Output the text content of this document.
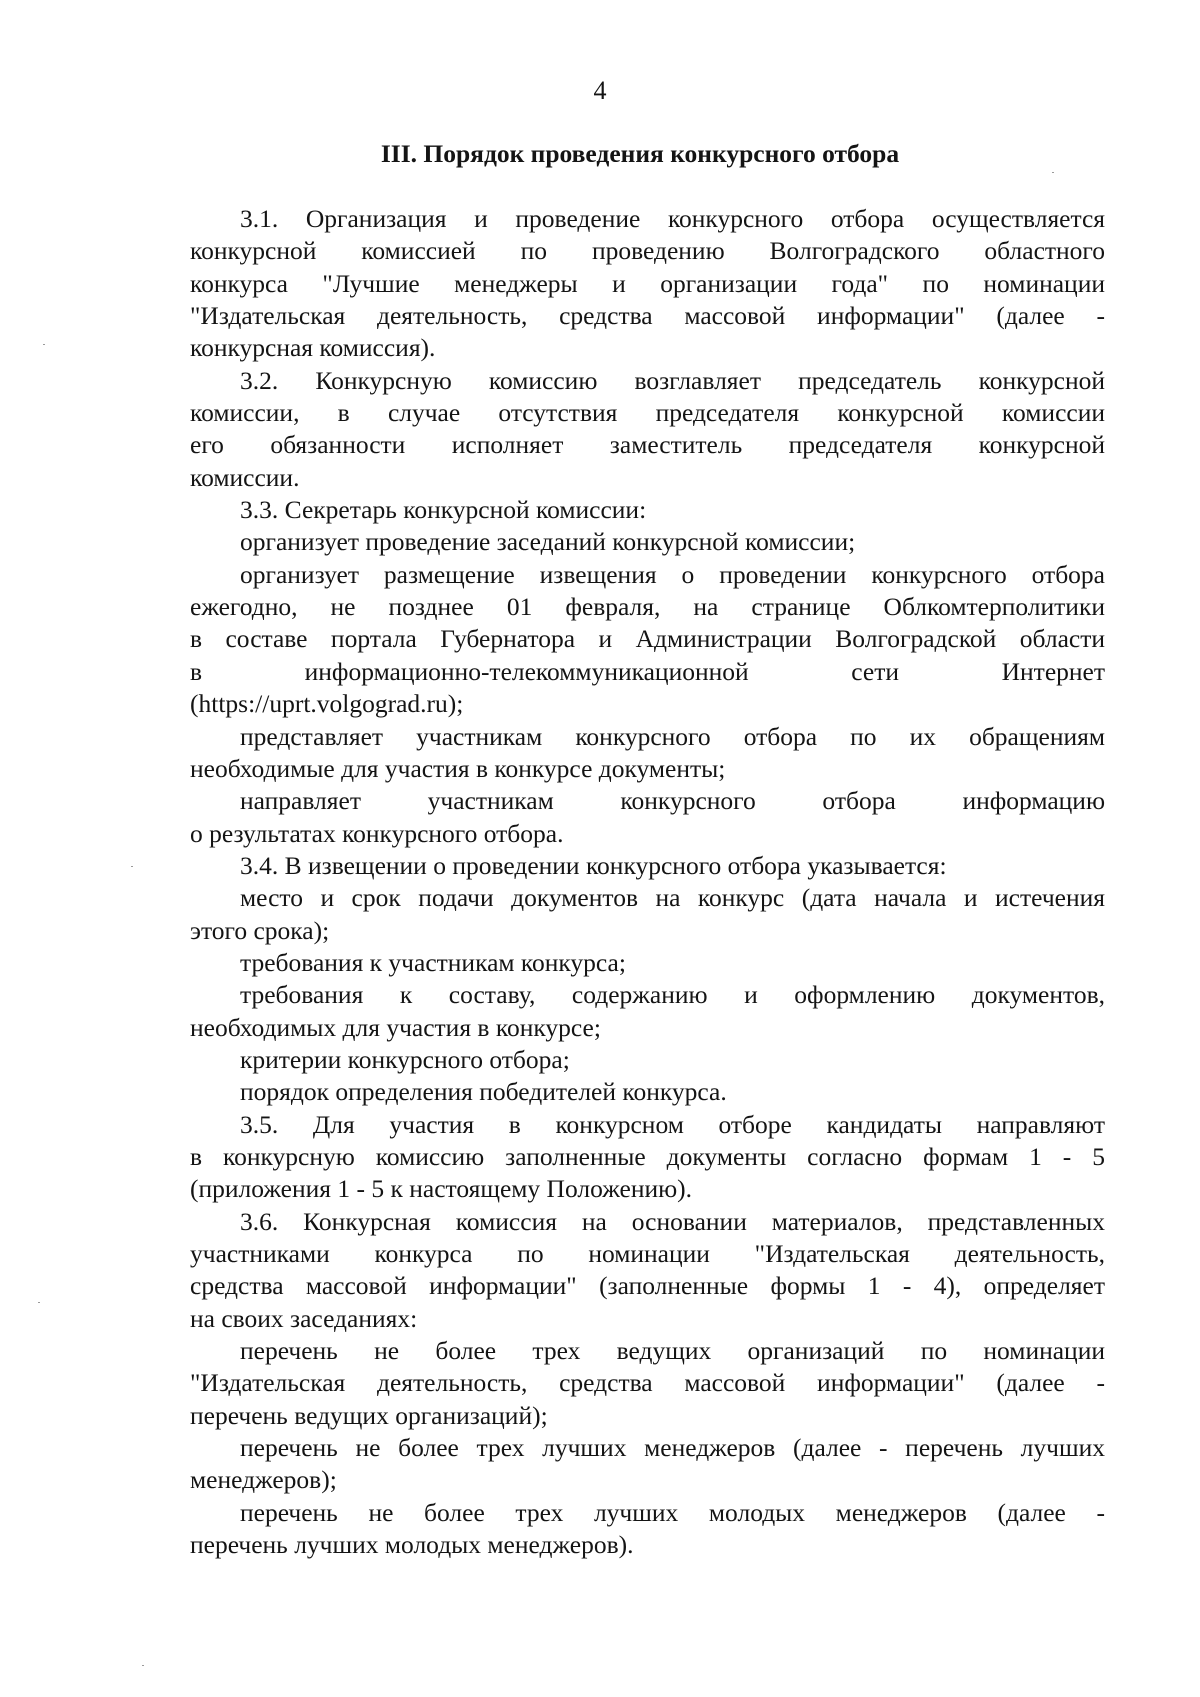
4
III. Порядок проведения конкурсного отбора

3.1. Организация и проведение конкурсного отбора осуществляется
конкурсной комиссией по проведению Волгоградского областного
конкурса "Лучшие менеджеры и организации года" по номинации
"Издательская деятельность, средства массовой информации" (далее -
конкурсная комиссия).

3.2. Конкурсную комиссию возглавляет председатель конкурсной
комиссии, в случае отсутствия председателя конкурсной комиссии
его обязанности исполняет заместитель председателя конкурсной
комиссии.

3.3. Секретарь конкурсной комиссии:

организует проведение заседаний конкурсной комиссии;

организует размещение извещения о проведении конкурсного отбора
ежегодно, не позднее 01 февраля, на странице Облкомтерполитики
в составе портала Губернатора и Администрации Волгоградской области
в информационно-телекоммуникационной сети Интернет
(https://uprt.volgograd.ru);

представляет участникам конкурсного отбора по их обращениям
необходимые для участия в конкурсе документы;

направляет участникам конкурсного отбора информацию
о результатах конкурсного отбора.

3.4. В извещении о проведении конкурсного отбора указывается:

место и срок подачи документов на конкурс (дата начала и истечения
этого срока);

требования к участникам конкурса;

требования к составу, содержанию и оформлению документов,
необходимых для участия в конкурсе;

критерии конкурсного отбора;

порядок определения победителей конкурса.

3.5. Для участия в конкурсном отборе кандидаты направляют
в конкурсную комиссию заполненные документы согласно формам 1 - 5
(приложения 1 - 5 к настоящему Положению).

3.6. Конкурсная комиссия на основании материалов, представленных
участниками конкурса по номинации "Издательская деятельность,
средства массовой информации" (заполненные формы 1 - 4), определяет
на своих заседаниях:

перечень не более трех ведущих организаций по номинации
"Издательская деятельность, средства массовой информации" (далее -
перечень ведущих организаций);

перечень не более трех лучших менеджеров (далее - перечень лучших
менеджеров);

перечень не более трех лучших молодых менеджеров (далее -
перечень лучших молодых менеджеров).
